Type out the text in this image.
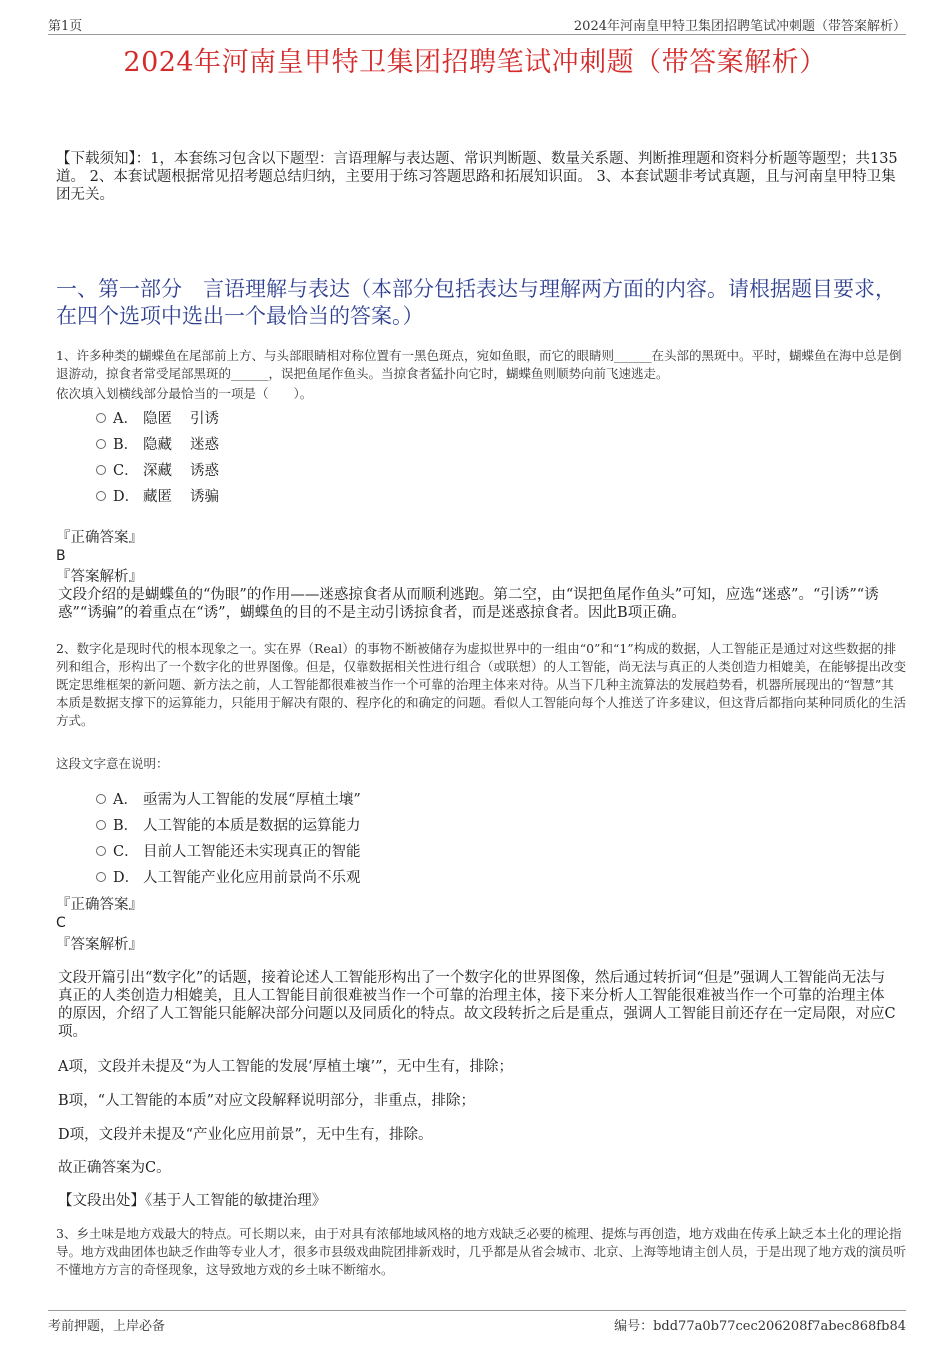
第1页	2024年河南皇甲特卫集团招聘笔试冲刺题（带答案解析）
2024年河南皇甲特卫集团招聘笔试冲刺题（带答案解析）
【下载须知】：1，本套练习包含以下题型：言语理解与表达题、常识判断题、数量关系题、判断推理题和资料分析题等题型；共135道。 2、本套试题根据常见招考题总结归纳，主要用于练习答题思路和拓展知识面。 3、本套试题非考试真题，且与河南皇甲特卫集团无关。
一、第一部分　言语理解与表达（本部分包括表达与理解两方面的内容。请根据题目要求，在四个选项中选出一个最恰当的答案。）
1、许多种类的蝴蝶鱼在尾部前上方、与头部眼睛相对称位置有一黑色斑点，宛如鱼眼，而它的眼睛则______在头部的黑斑中。平时，蝴蝶鱼在海中总是倒退游动，掠食者常受尾部黑斑的______，误把鱼尾作鱼头。当掠食者猛扑向它时，蝴蝶鱼则顺势向前飞速逃走。
依次填入划横线部分最恰当的一项是（　　）。
A． 隐匿 引诱
B． 隐藏 迷惑
C． 深藏 诱惑
D． 藏匿 诱骗
『正确答案』
B
『答案解析』
文段介绍的是蝴蝶鱼的“伪眼”的作用——迷惑掠食者从而顺利逃跑。第二空，由“误把鱼尾作鱼头”可知，应选“迷惑”。“引诱”“诱惑”“诱骗”的着重点在“诱”，蝴蝶鱼的目的不是主动引诱掠食者，而是迷惑掠食者。因此B项正确。
2、数字化是现时代的根本现象之一。实在界（Real）的事物不断被储存为虚拟世界中的一组由“0”和“1”构成的数据，人工智能正是通过对这些数据的排列和组合，形构出了一个数字化的世界图像。但是，仅靠数据相关性进行组合（或联想）的人工智能，尚无法与真正的人类创造力相媲美，在能够提出改变既定思维框架的新问题、新方法之前，人工智能都很难被当作一个可靠的治理主体来对待。从当下几种主流算法的发展趋势看，机器所展现出的“智慧”其本质是数据支撑下的运算能力，只能用于解决有限的、程序化的和确定的问题。看似人工智能向每个人推送了许多建议，但这背后都指向某种同质化的生活方式。
这段文字意在说明：
A． 亟需为人工智能的发展“厚植土壤”
B． 人工智能的本质是数据的运算能力
C． 目前人工智能还未实现真正的智能
D． 人工智能产业化应用前景尚不乐观
『正确答案』
C
『答案解析』
文段开篇引出“数字化”的话题，接着论述人工智能形构出了一个数字化的世界图像，然后通过转折词“但是”强调人工智能尚无法与真正的人类创造力相媲美，且人工智能目前很难被当作一个可靠的治理主体，接下来分析人工智能很难被当作一个可靠的治理主体的原因，介绍了人工智能只能解决部分问题以及同质化的特点。故文段转折之后是重点，强调人工智能目前还存在一定局限，对应C项。
A项，文段并未提及“为人工智能的发展‘厚植土壤’”，无中生有，排除；
B项，“人工智能的本质”对应文段解释说明部分，非重点，排除；
D项，文段并未提及“产业化应用前景”，无中生有，排除。
故正确答案为C。
【文段出处】《基于人工智能的敏捷治理》
3、乡土味是地方戏最大的特点。可长期以来，由于对具有浓郁地域风格的地方戏缺乏必要的梳理、提炼与再创造，地方戏曲在传承上缺乏本土化的理论指导。地方戏曲团体也缺乏作曲等专业人才，很多市县级戏曲院团排新戏时，几乎都是从省会城市、北京、上海等地请主创人员，于是出现了地方戏的演员听不懂地方方言的奇怪现象，这导致地方戏的乡土味不断缩水。
考前押题，上岸必备	编号：bdd77a0b77cec206208f7abec868fb84
